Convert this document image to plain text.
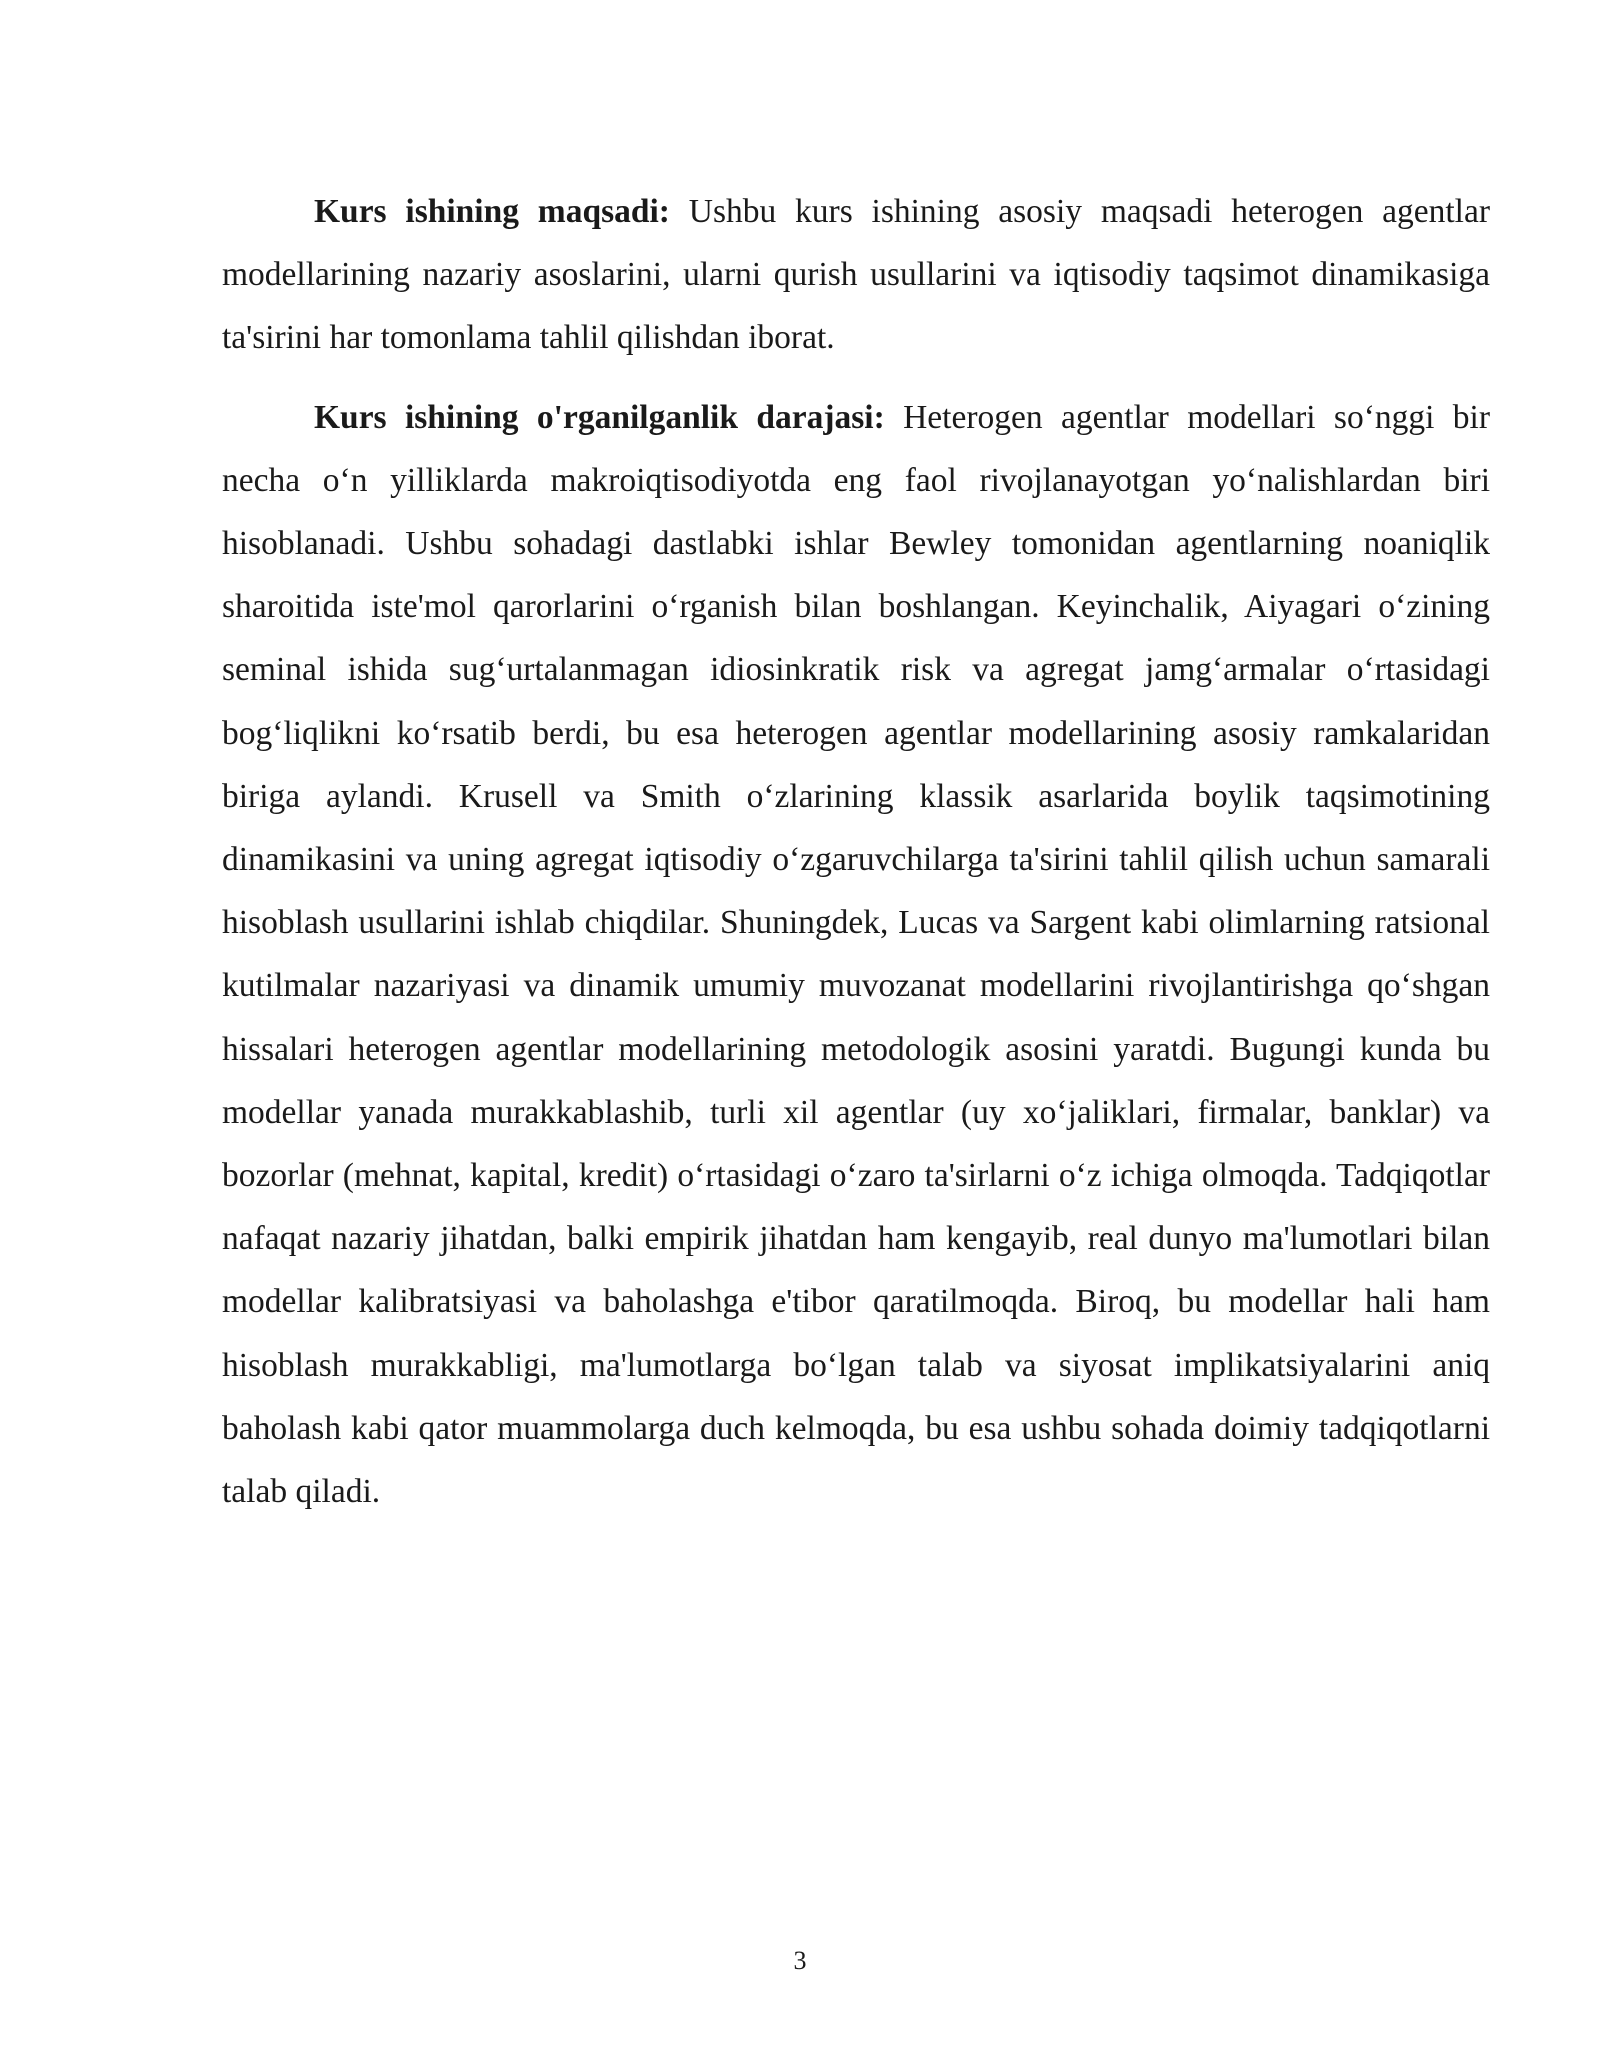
Kurs ishining maqsadi: Ushbu kurs ishining asosiy maqsadi heterogen agentlar modellarining nazariy asoslarini, ularni qurish usullarini va iqtisodiy taqsimot dinamikasiga ta'sirini har tomonlama tahlil qilishdan iborat.

Kurs ishining o'rganilganlik darajasi: Heterogen agentlar modellari so‘nggi bir necha o‘n yilliklarda makroiqtisodiyotda eng faol rivojlanayotgan yo‘nalishlardan biri hisoblanadi. Ushbu sohadagi dastlabki ishlar Bewley tomonidan agentlarning noaniqlik sharoitida iste'mol qarorlarini o‘rganish bilan boshlangan. Keyinchalik, Aiyagari o‘zining seminal ishida sug‘urtalanmagan idiosinkratik risk va agregat jamg‘armalar o‘rtasidagi bog‘liqlikni ko‘rsatib berdi, bu esa heterogen agentlar modellarining asosiy ramkalaridan biriga aylandi. Krusell va Smith o‘zlarining klassik asarlarida boylik taqsimotining dinamikasini va uning agregat iqtisodiy o‘zgaruvchilarga ta'sirini tahlil qilish uchun samarali hisoblash usullarini ishlab chiqdilar. Shuningdek, Lucas va Sargent kabi olimlarning ratsional kutilmalar nazariyasi va dinamik umumiy muvozanat modellarini rivojlantirishga qo‘shgan hissalari heterogen agentlar modellarining metodologik asosini yaratdi. Bugungi kunda bu modellar yanada murakkablashib, turli xil agentlar (uy xo‘jaliklari, firmalar, banklar) va bozorlar (mehnat, kapital, kredit) o‘rtasidagi o‘zaro ta'sirlarni o‘z ichiga olmoqda. Tadqiqotlar nafaqat nazariy jihatdan, balki empirik jihatdan ham kengayib, real dunyo ma'lumotlari bilan modellar kalibratsiyasi va baholashga e'tibor qaratilmoqda. Biroq, bu modellar hali ham hisoblash murakkabligi, ma'lumotlarga bo‘lgan talab va siyosat implikatsiyalarini aniq baholash kabi qator muammolarga duch kelmoqda, bu esa ushbu sohada doimiy tadqiqotlarni talab qiladi.

3
